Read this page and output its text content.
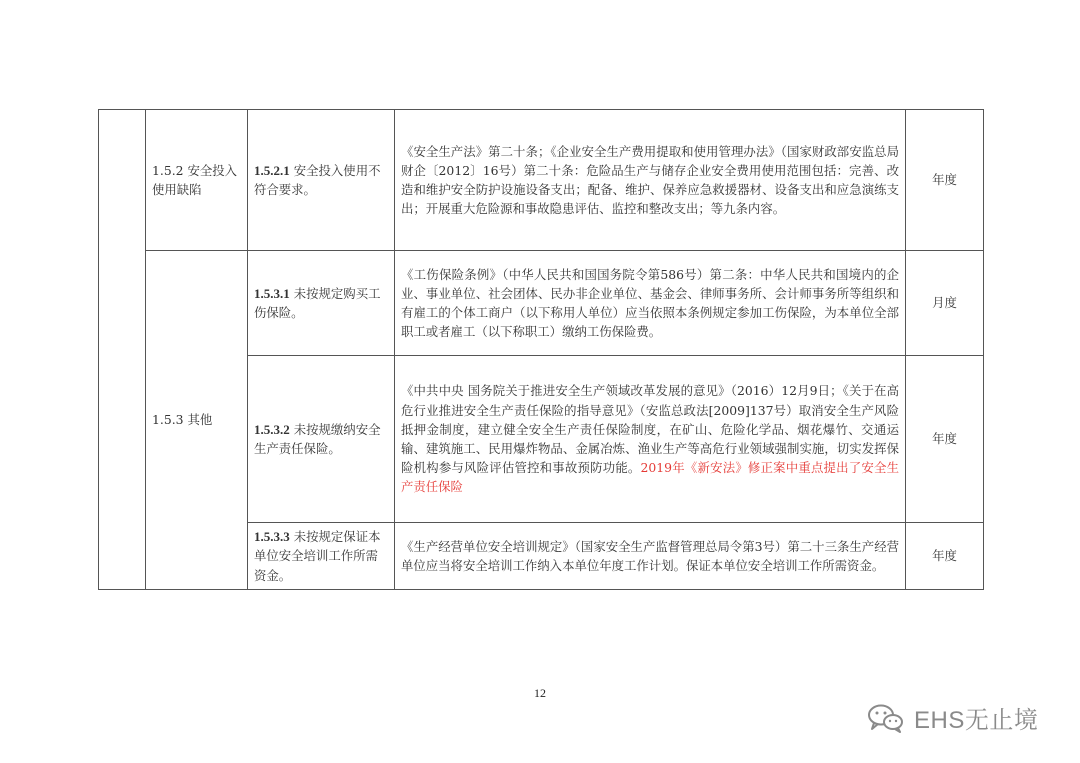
	1.5.2 安全投入使用缺陷	1.5.2.1 安全投入使用不符合要求。	《安全生产法》第二十条；《企业安全生产费用提取和使用管理办法》（国家财政部安监总局财企〔2012〕16号）第二十条：危险品生产与储存企业安全费用使用范围包括：完善、改造和维护安全防护设施设备支出；配备、维护、保养应急救援器材、设备支出和应急演练支出；开展重大危险源和事故隐患评估、监控和整改支出；等九条内容。	年度
	1.5.3 其他	1.5.3.1 未按规定购买工伤保险。	《工伤保险条例》（中华人民共和国国务院令第586号）第二条：中华人民共和国境内的企业、事业单位、社会团体、民办非企业单位、基金会、律师事务所、会计师事务所等组织和有雇工的个体工商户（以下称用人单位）应当依照本条例规定参加工伤保险，为本单位全部职工或者雇工（以下称职工）缴纳工伤保险费。	月度
		1.5.3.2 未按规缴纳安全生产责任保险。	《中共中央 国务院关于推进安全生产领域改革发展的意见》（2016）12月9日；《关于在高危行业推进安全生产责任保险的指导意见》（安监总政法[2009]137号）取消安全生产风险抵押金制度，建立健全安全生产责任保险制度，在矿山、危险化学品、烟花爆竹、交通运输、建筑施工、民用爆炸物品、金属冶炼、渔业生产等高危行业领域强制实施，切实发挥保险机构参与风险评估管控和事故预防功能。2019年《新安法》修正案中重点提出了安全生产责任保险	年度
		1.5.3.3 未按规定保证本单位安全培训工作所需资金。	《生产经营单位安全培训规定》（国家安全生产监督管理总局令第3号）第二十三条生产经营单位应当将安全培训工作纳入本单位年度工作计划。保证本单位安全培训工作所需资金。	年度
12
EHS无止境
